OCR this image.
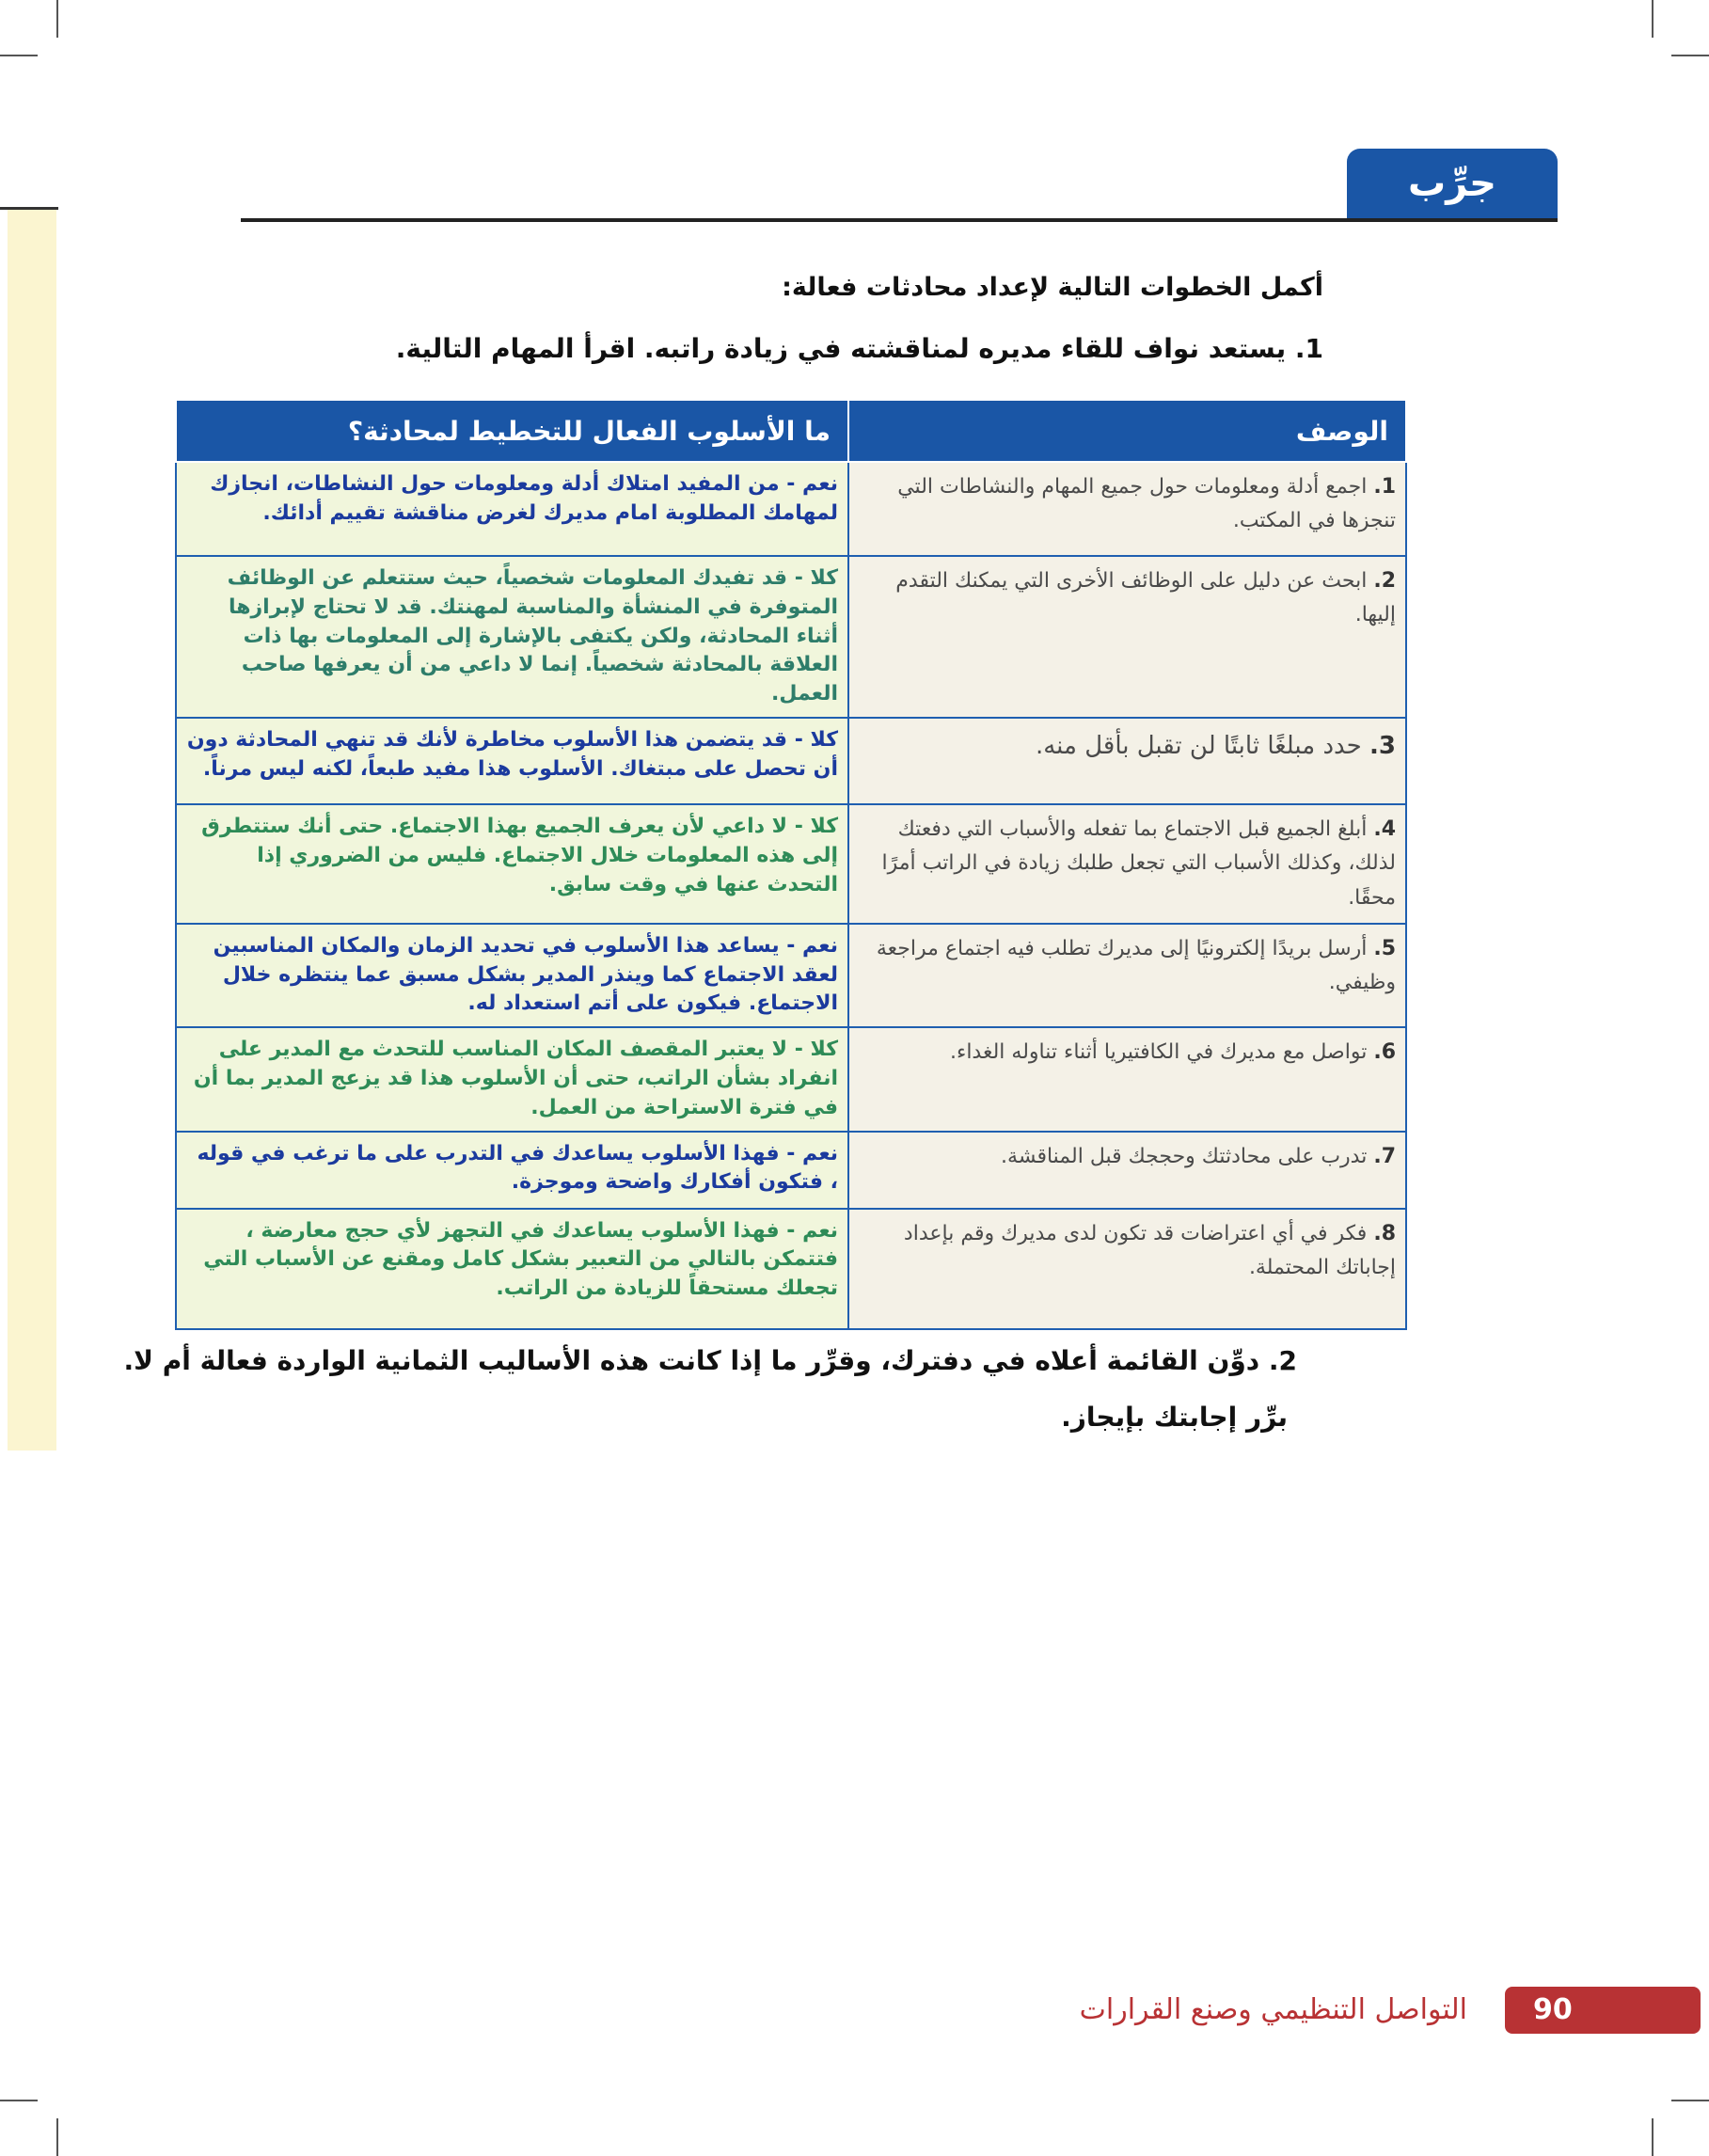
جرِّب بنفسك
أكمل الخطوات التالية لإعداد محادثات فعالة:
1. يستعد نواف للقاء مديره لمناقشته في زيادة راتبه. اقرأ المهام التالية.
الوصف	ما الأسلوب الفعال للتخطيط لمحادثة؟
1. اجمع أدلة ومعلومات حول جميع المهام والنشاطات التي تنجزها في المكتب.	نعم - من المفيد امتلاك أدلة ومعلومات حول النشاطات، انجازك لمهامك المطلوبة امام مديرك لغرض مناقشة تقييم أدائك.
2. ابحث عن دليل على الوظائف الأخرى التي يمكنك التقدم إليها.	كلا - قد تفيدك المعلومات شخصياً، حيث ستتعلم عن الوظائف المتوفرة في المنشأة والمناسبة لمهنتك. قد لا تحتاج لإبرازها أثناء المحادثة، ولكن يكتفى بالإشارة إلى المعلومات بها ذات العلاقة بالمحادثة شخصياً. إنما لا داعي من أن يعرفها صاحب العمل.
3. حدد مبلغًا ثابتًا لن تقبل بأقل منه.	كلا - قد يتضمن هذا الأسلوب مخاطرة لأنك قد تنهي المحادثة دون أن تحصل على مبتغاك. الأسلوب هذا مفيد طبعاً، لكنه ليس مرناً.
4. أبلغ الجميع قبل الاجتماع بما تفعله والأسباب التي دفعتك لذلك، وكذلك الأسباب التي تجعل طلبك زيادة في الراتب أمرًا محقًا.	كلا - لا داعي لأن يعرف الجميع بهذا الاجتماع. حتى أنك ستتطرق إلى هذه المعلومات خلال الاجتماع. فليس من الضروري إذا التحدث عنها في وقت سابق.
5. أرسل بريدًا إلكترونيًا إلى مديرك تطلب فيه اجتماع مراجعة وظيفي.	نعم - يساعد هذا الأسلوب في تحديد الزمان والمكان المناسبين لعقد الاجتماع كما وينذر المدير بشكل مسبق عما ينتظره خلال الاجتماع. فيكون على أتم استعداد له.
6. تواصل مع مديرك في الكافتيريا أثناء تناوله الغداء.	كلا - لا يعتبر المقصف المكان المناسب للتحدث مع المدير على انفراد بشأن الراتب، حتى أن الأسلوب هذا قد يزعج المدير بما أن في فترة الاستراحة من العمل.
7. تدرب على محادثتك وحججك قبل المناقشة.	نعم - فهذا الأسلوب يساعدك في التدرب على ما ترغب في قوله ، فتكون أفكارك واضحة وموجزة.
8. فكر في أي اعتراضات قد تكون لدى مديرك وقم بإعداد إجاباتك المحتملة.	نعم - فهذا الأسلوب يساعدك في التجهز لأي حجج معارضة ، فتتمكن بالتالي من التعبير بشكل كامل ومقنع عن الأسباب التي تجعلك مستحقاً للزيادة من الراتب.
2. دوِّن القائمة أعلاه في دفترك، وقرِّر ما إذا كانت هذه الأساليب الثمانية الواردة فعالة أم لا.
برِّر إجابتك بإيجاز.
90
التواصل التنظيمي وصنع القرارات
